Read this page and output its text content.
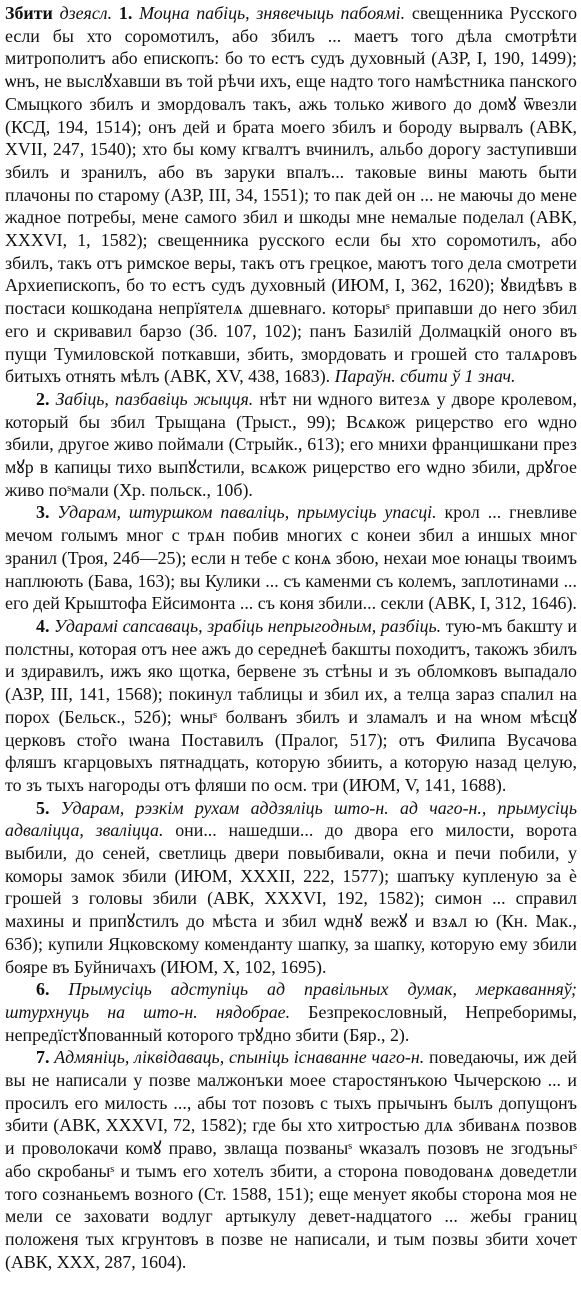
Збити дзеясл. 1. Моцна пабіць, знявечыць пабоямі. свещенника Русского если бы хто соромотилъ, або збилъ ... маетъ того дѣла смотрѣти митрополитъ або епископъ: бо то естъ судъ духовный (АЗР, I, 190, 1499); ѡнъ, не выслꙋхавши въ той рѣчи ихъ, еще надто того намѣстника панского Смыцкого збилъ и змордовалъ такъ, ажь только живого до домꙋ ѿвезли (КСД, 194, 1514); онъ дей и брата моего збилъ и бороду вырвалъ (АВК, XVII, 247, 1540); хто бы кому кгвалтъ вчинилъ, альбо дорогу заступивши збилъ и зранилъ, або въ заруки впалъ... таковые вины мають быти плачоны по старому (АЗР, III, 34, 1551); то пак дей он ... не маючы до мене жадное потребы, мене самого збил и шкоды мне немалые поделал (АВК, XXXVI, 1, 1582); свещенника русского если бы хто соромотилъ, або збилъ, такъ отъ римское веры, такъ отъ грецкое, маютъ того дела смотрети Архиепископъ, бо то естъ судъ духовный (ИЮМ, I, 362, 1620); ꙋвидѣвъ в постаси кошкодана непрїятелѧ дшевнаго. которыˢ припавши до него збил его и скривавил барзо (Зб. 107, 102); панъ Базилій Долмацкій оного въ пущи Тумиловской поткавши, збить, змордовать и грошей сто талѧровъ битыхъ отнять мѣлъ (АВК, XV, 438, 1683). Параўн. сбити ў 1 знач.

2. Забіць, пазбавіць жыцця. нѣт ни ѡдного витезѧ у дворе кролевом, который бы збил Трыщана (Трыст., 99); Всѧкож рицерство его ѡдно збили, другое живо поймали (Стрыйк., 613); его мнихи францишкани през мꙋр в капицы тихо выпꙋстили, всѧкож рицерство его ѡдно збили, дрꙋгое живо поˢмали (Хр. польск., 10б).

3. Ударам, штуршком паваліць, прымусіць упасці. крол ... гневливе мечом голымъ мног с трѧн побив многих с конеи збил а иншых мног зранил (Троя, 24б—25); если н тебе с конѧ збою, нехаи мое юнацы твоимъ наплюють (Бава, 163); вы Кулики ... съ каменми съ колемъ, заплотинами ... его дей Крыштофа Ейсимонта ... съ коня збили... секли (АВК, I, 312, 1646).

4. Ударамі сапсаваць, зрабіць непрыгодным, разбіць. тую-мъ бакшту и полстны, которая отъ нее ажъ до середнеѣ бакшты походитъ, такожъ збилъ и здиравилъ, ижъ яко щотка, бервене зъ стѣны и зъ обломковъ выпадало (АЗР, III, 141, 1568); покинул таблицы и збил их, а телца зараз спалил на порох (Бельск., 52б); ѡныˢ болванъ збилъ и зламалъ и на ѡном мѣсцꙋ церковъ сто̃го ιѡана Поставилъ (Пралог, 517); отъ Филипа Вусачова фляшъ кгарцовыхъ пятнадцать, которую збиить, а которую назад целую, то зъ тыхъ нагороды отъ фляши по осм. три (ИЮМ, V, 141, 1688).

5. Ударам, рэзкім рухам аддзяліць што-н. ад чаго-н., прымусіць адваліцца, зваліцца. они... нашедши... до двора его милости, ворота выбили, до сеней, светлиць двери повыбивали, окна и печи побили, у коморы замок збили (ИЮМ, XXXII, 222, 1577); шапъку купленую за ѐ грошей з головы збили (АВК, XXXVI, 192, 1582); симон ... справил махины и припꙋстилъ до мѣста и збил ѡднꙋ вежꙋ и взѧл ю (Кн. Мак., 63б); купили Яцковскому коменданту шапку, за шапку, которую ему збили бояре въ Буйничахъ (ИЮМ, X, 102, 1695).

6. Прымусіць адступіць ад правільных думак, меркаванняў; штурхнуць на што-н. нядобрае. Безпрекословный, Непреборимы, непредїстꙋпованный которого трꙋдно збити (Бяр., 2).

7. Адмяніць, ліквідаваць, спыніць існаванне чаго-н. поведаючы, иж дей вы не написали у позве малжонъки моее старостянъкою Чычерскою ... и просилъ его милость ..., абы тот позовъ с тыхъ прычынъ былъ допущонъ збити (АВК, XXXVI, 72, 1582); где бы хто хитростью длѧ збиванѧ позвов и проволокачи комꙋ право, звлаща позваныˢ ѡказалъ позовъ не згодъныˢ або скробаныˢ и тымъ его хотелъ збити, а сторона поводованѧ доведетли того сознаньемъ возного (Ст. 1588, 151); еще менует якобы сторона моя не мели се заховати водлуг артыкулу девет-надцатого ... жебы границ положеня тых кгрунтовъ в позве не написали, и тым позвы збити хочет (АВК, XXX, 287, 1604).
